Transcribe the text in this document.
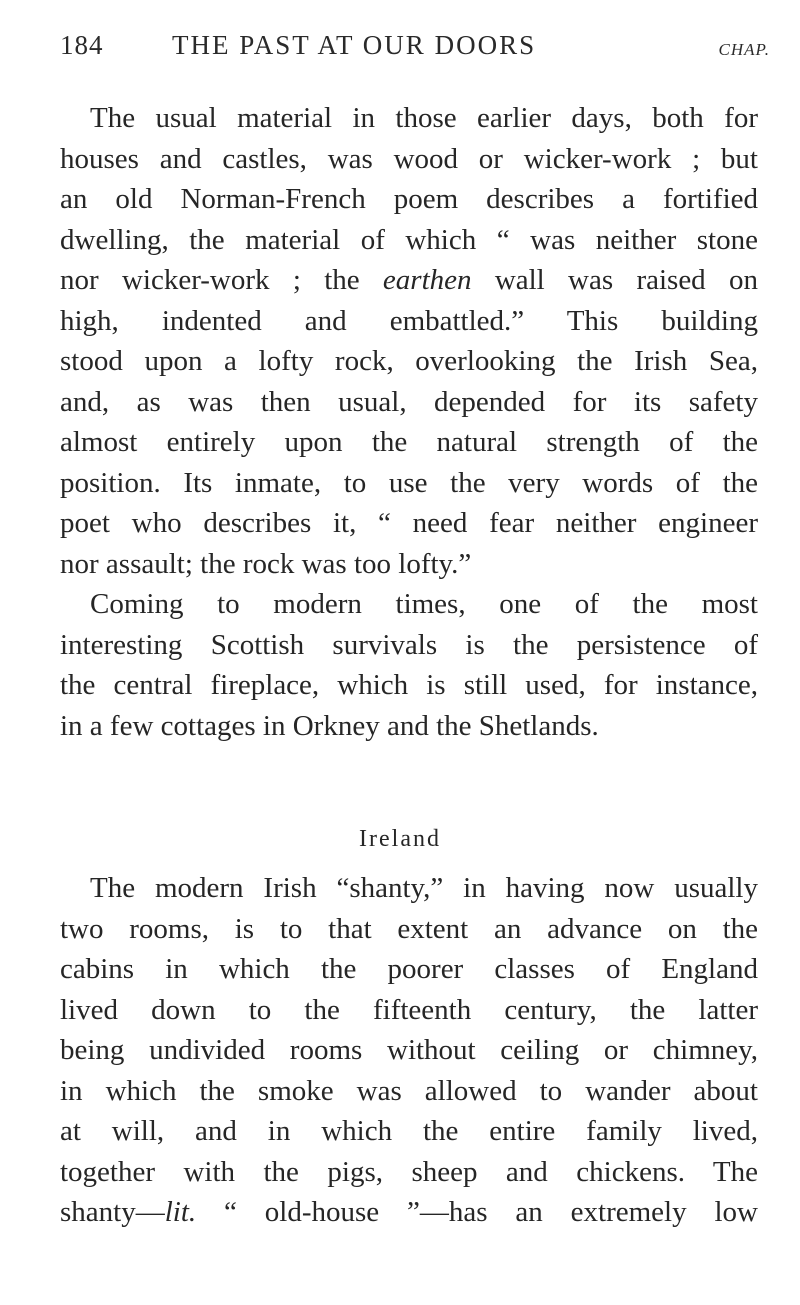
184	THE PAST AT OUR DOORS	CHAP.
The usual material in those earlier days, both for
houses and castles, was wood or wicker-work ; but
an old Norman-French poem describes a fortified
dwelling, the material of which “ was neither stone
nor wicker-work ; the earthen wall was raised on
high, indented and embattled.” This building
stood upon a lofty rock, overlooking the Irish Sea,
and, as was then usual, depended for its safety
almost entirely upon the natural strength of the
position. Its inmate, to use the very words of the
poet who describes it, “ need fear neither engineer
nor assault; the rock was too lofty.”
Coming to modern times, one of the most
interesting Scottish survivals is the persistence of
the central fireplace, which is still used, for instance,
in a few cottages in Orkney and the Shetlands.
Ireland
The modern Irish “shanty,” in having now usually
two rooms, is to that extent an advance on the
cabins in which the poorer classes of England
lived down to the fifteenth century, the latter
being undivided rooms without ceiling or chimney,
in which the smoke was allowed to wander about
at will, and in which the entire family lived,
together with the pigs, sheep and chickens. The
shanty—lit. “ old-house ”—has an extremely low
